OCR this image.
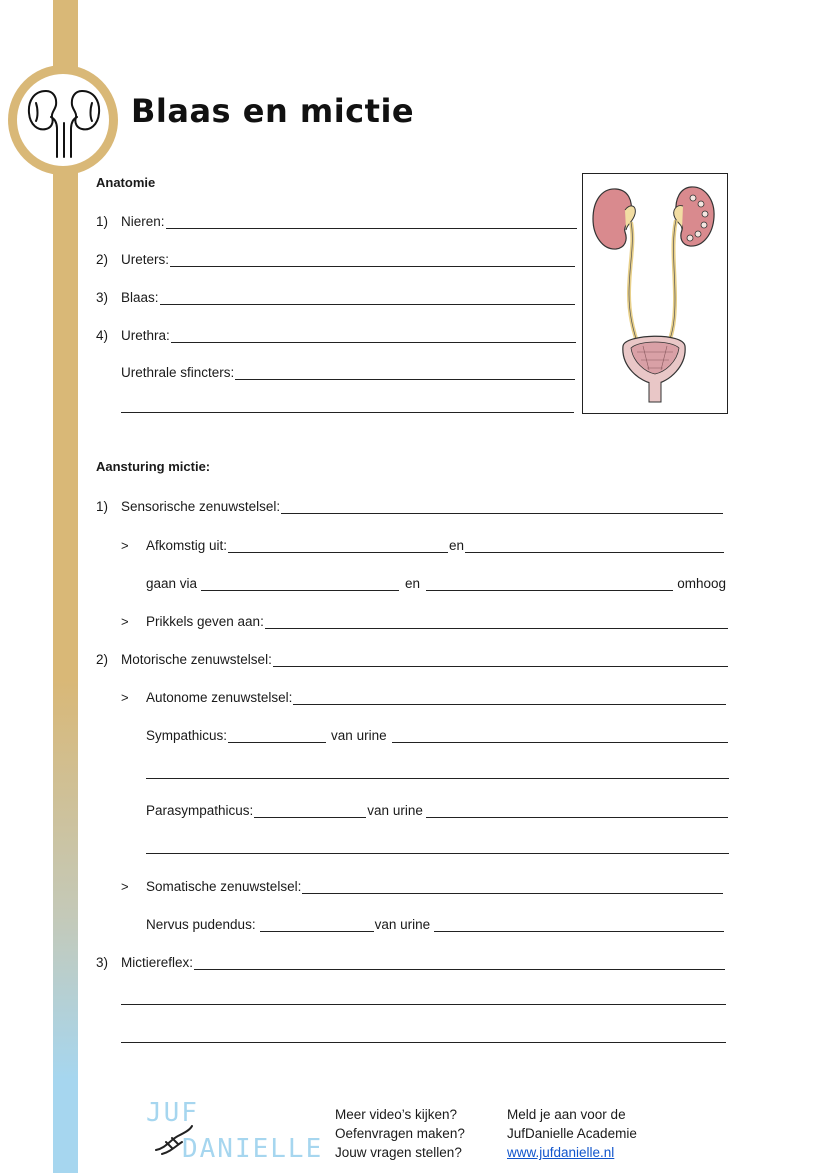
Blaas en mictie
Anatomie
1) Nieren:
2) Ureters:
3) Blaas:
4) Urethra:
Urethrale sfincters:
Aansturing mictie:
1) Sensorische zenuwstelsel:
>	Afkomstig uit:	en
gaan via	en	omhoog
>	Prikkels geven aan:
2) Motorische zenuwstelsel:
>	Autonome zenuwstelsel:
Sympathicus:	van urine
Parasympathicus:	van urine
>	Somatische zenuwstelsel:
Nervus pudendus:	van urine
3) Mictiereflex:
JUF
DANIELLE
Meer video’s kijken?
Oefenvragen maken?
Jouw vragen stellen?
Meld je aan voor de
JufDanielle Academie
www.jufdanielle.nl
